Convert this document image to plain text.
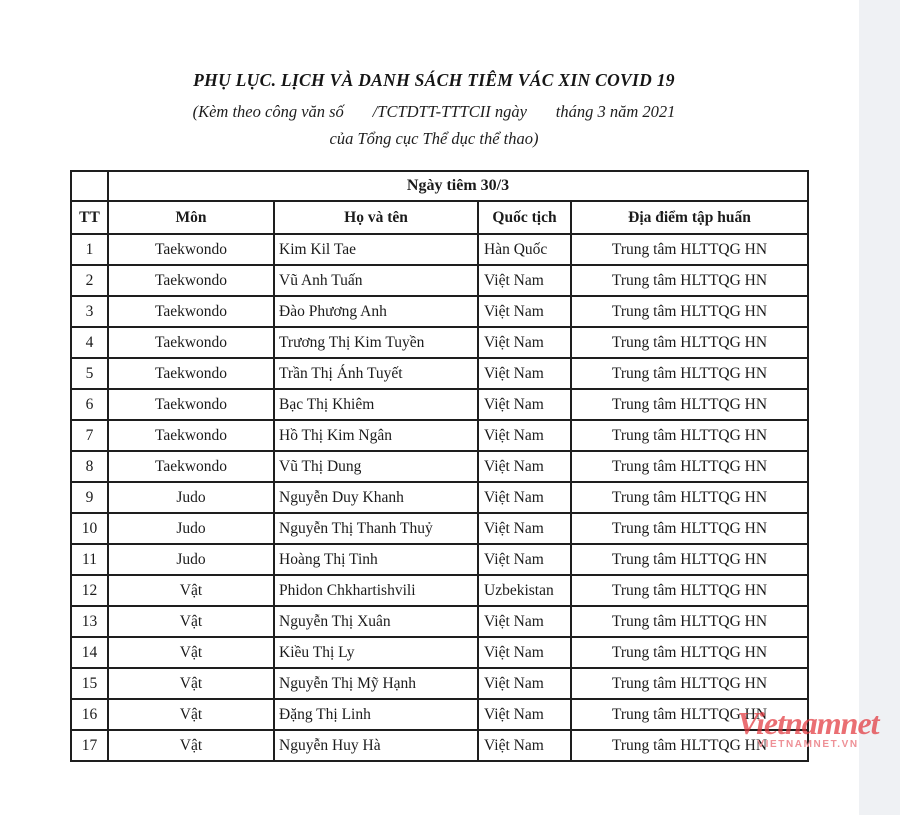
PHỤ LỤC. LỊCH VÀ DANH SÁCH TIÊM VÁC XIN COVID 19
(Kèm theo công văn số       /TCTDTT-TTTCII ngày       tháng 3 năm 2021
của Tổng cục Thể dục thể thao)
	Ngày tiêm 30/3			
TT	Môn	Họ và tên	Quốc tịch	Địa điểm tập huấn
1	Taekwondo	Kim Kil Tae	Hàn Quốc	Trung tâm HLTTQG HN
2	Taekwondo	Vũ Anh Tuấn	Việt Nam	Trung tâm HLTTQG HN
3	Taekwondo	Đào Phương Anh	Việt Nam	Trung tâm HLTTQG HN
4	Taekwondo	Trương Thị Kim Tuyền	Việt Nam	Trung tâm HLTTQG HN
5	Taekwondo	Trần Thị Ánh Tuyết	Việt Nam	Trung tâm HLTTQG HN
6	Taekwondo	Bạc Thị Khiêm	Việt Nam	Trung tâm HLTTQG HN
7	Taekwondo	Hồ Thị Kim Ngân	Việt Nam	Trung tâm HLTTQG HN
8	Taekwondo	Vũ Thị Dung	Việt Nam	Trung tâm HLTTQG HN
9	Judo	Nguyễn Duy Khanh	Việt Nam	Trung tâm HLTTQG HN
10	Judo	Nguyễn Thị Thanh Thuỷ	Việt Nam	Trung tâm HLTTQG HN
11	Judo	Hoàng Thị Tinh	Việt Nam	Trung tâm HLTTQG HN
12	Vật	Phidon Chkhartishvili	Uzbekistan	Trung tâm HLTTQG HN
13	Vật	Nguyễn Thị Xuân	Việt Nam	Trung tâm HLTTQG HN
14	Vật	Kiều Thị Ly	Việt Nam	Trung tâm HLTTQG HN
15	Vật	Nguyễn Thị Mỹ Hạnh	Việt Nam	Trung tâm HLTTQG HN
16	Vật	Đặng Thị Linh	Việt Nam	Trung tâm HLTTQG HN
17	Vật	Nguyễn Huy Hà	Việt Nam	Trung tâm HLTTQG HN
Vietnamnet
VIETNAMNET.VN
